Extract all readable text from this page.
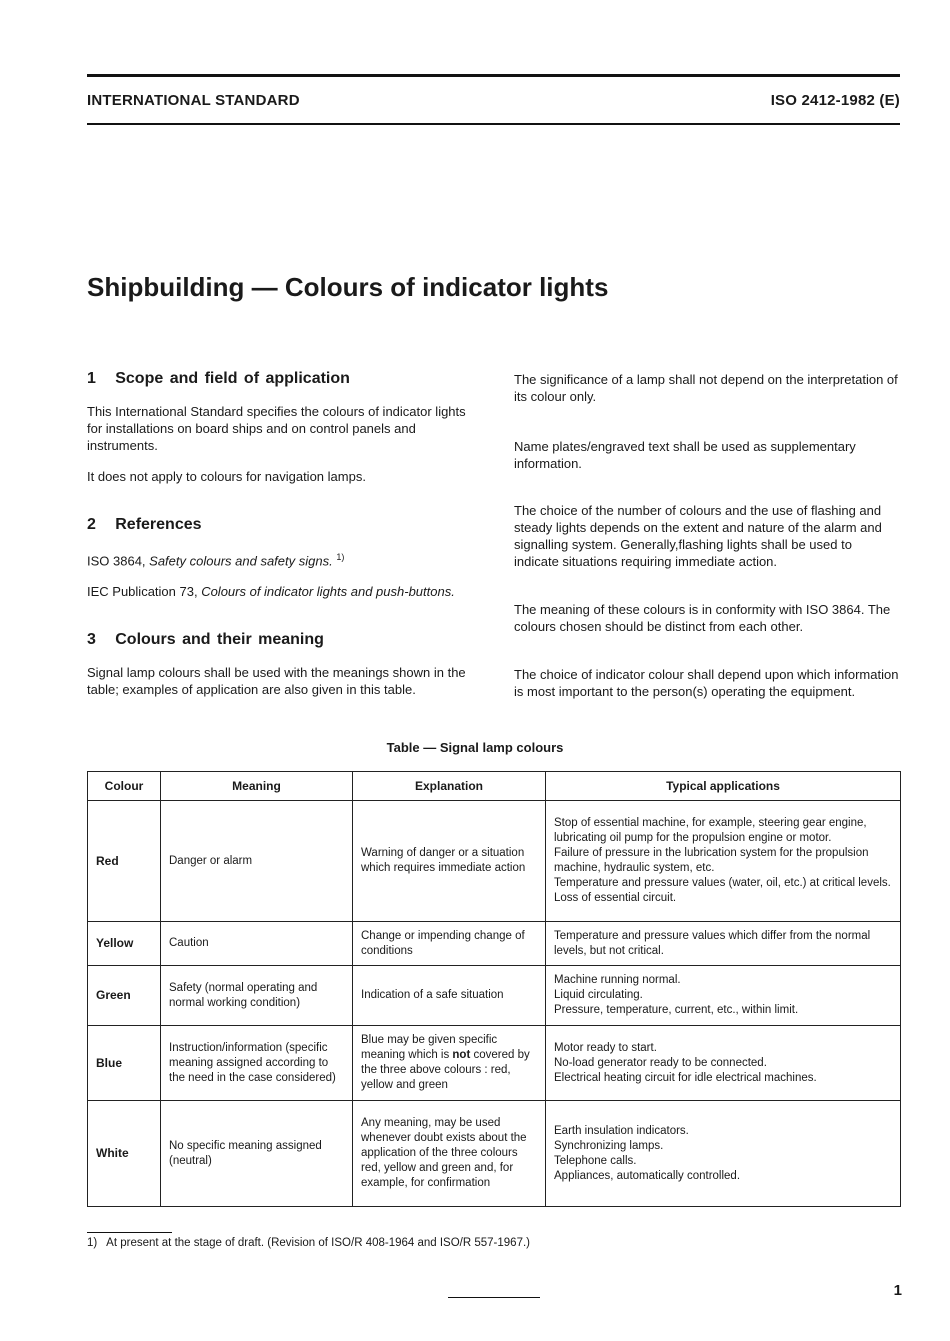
INTERNATIONAL STANDARD	ISO 2412-1982 (E)
Shipbuilding — Colours of indicator lights

1   Scope and field of application

This International Standard specifies the colours of indicator lights for installations on board ships and on control panels and instruments.

It does not apply to colours for navigation lamps.

2   References

ISO 3864, Safety colours and safety signs. $^{1)}$

IEC Publication 73, Colours of indicator lights and push-buttons.

3   Colours and their meaning

Signal lamp colours shall be used with the meanings shown in the table; examples of application are also given in this table.

The significance of a lamp shall not depend on the interpretation of its colour only.

Name plates/engraved text shall be used as supplementary information.

The choice of the number of colours and the use of flashing and steady lights depends on the extent and nature of the alarm and signalling system. Generally,flashing lights shall be used to indicate situations requiring immediate action.

The meaning of these colours is in conformity with ISO 3864. The colours chosen should be distinct from each other.

The choice of indicator colour shall depend upon which information is most important to the person(s) operating the equipment.

Table — Signal lamp colours
Colour	Meaning	Explanation	Typical applications
Red	Danger or alarm	Warning of danger or a situation which requires immediate action	Stop of essential machine, for example, steering gear engine, lubricating oil pump for the propulsion engine or motor.
Failure of pressure in the lubrication system for the propulsion machine, hydraulic system, etc.
Temperature and pressure values (water, oil, etc.) at critical levels.
Loss of essential circuit.

Yellow	Caution	Change or impending change of conditions	Temperature and pressure values which differ from the normal levels, but not critical.

Green	Safety (normal operating and normal working condition)	Indication of a safe situation	Machine running normal.
Liquid circulating.
Pressure, temperature, current, etc., within limit.

Blue	Instruction/information (specific meaning assigned according to the need in the case considered)	Blue may be given specific meaning which is not covered by the three above colours : red, yellow and green	Motor ready to start.
No-load generator ready to be connected.
Electrical heating circuit for idle electrical machines.

White	No specific meaning assigned (neutral)	Any meaning, may be used whenever doubt exists about the application of the three colours red, yellow and green and, for example, for confirmation	Earth insulation indicators.
Synchronizing lamps.
Telephone calls.
Appliances, automatically controlled.
1)   At present at the stage of draft. (Revision of ISO/R 408-1964 and ISO/R 557-1967.)
1
